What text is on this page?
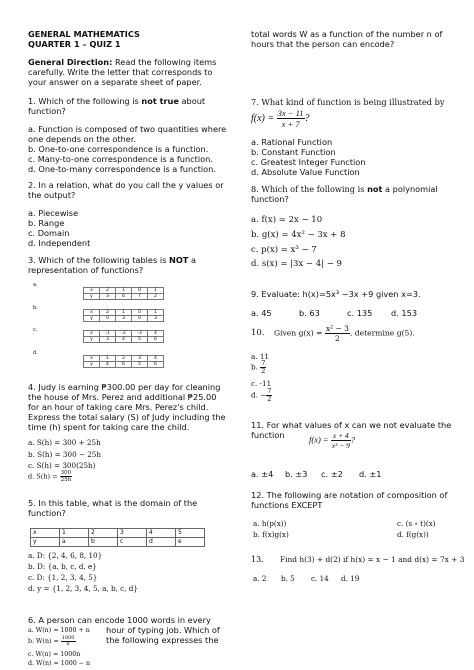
GENERAL MATHEMATICS
QUARTER 1 – QUIZ 1
General Direction: Read the following items
carefully. Write the letter that corresponds to
your answer on a separate sheet of paper.
1. Which of the following is not true about
function?
a. Function is composed of two quantities where
one depends on the other.
b. One-to-one correspondence is a function.
c. Many-to-one correspondence is a function.
d. One-to-many correspondence is a function.
2. In a relation, what do you call the y values or
the output?
a. Piecewise
b. Range
c. Domain
d. Independent
3. Which of the following tables is NOT a
representation of functions?
a.
x	2	1	0	1
y	3	6	7	2
b.
x	2	1	0	1
y	0	3	0	3
c.
x	-1	-2	-3	4
y	3	4	5	6
d.
x	1	2	3	4
y	4	6	5	6
4. Judy is earning ₱300.00 per day for cleaning
the house of Mrs. Perez and additional ₱25.00
for an hour of taking care Mrs. Perez's child.
Express the total salary (S) of Judy including the
time (h) spent for taking care the child.
a. S(h) = 300 + 25h
b. S(h) = 300 − 25h
c. S(h) = 300(25h)
d. $S(h) = \frac{300}{25h}$
5. In this table, what is the domain of the
function?
x	1	2	3	4	5
y	a	b	c	d	e
a. D: {2, 4, 6, 8, 10}
b. D: {a, b, c, d, e}
c. D: {1, 2, 3, 4, 5}
d. y = {1, 2, 3, 4, 5, a, b, c, d}
6. A person can encode 1000 words in every
a. W(n) = 1000 + n
b. $W(n) = \frac{1000}{n}$
c. W(n) = 1000n
d. W(n) = 1000 − n
hour of typing job. Which of
the following expresses the
total words W as a function of the number n of
hours that the person can encode?
7. What kind of function is being illustrated by
$f(x) = \frac{3x - 11}{x + 7}$ ?
a. Rational Function
b. Constant Function
c. Greatest Integer Function
d. Absolute Value Function
8. Which of the following is not a polynomial
function?
a. f(x) = 2x − 10
b. g(x) = 4x² − 3x + 8
c. p(x) = x³ − 7
d. s(x) = |3x − 4| − 9
9. Evaluate: h(x)=5x³ −3x +9 given x=3.
a. 45	b. 63	c. 135 d. 153
10. Given $g(x) = \frac{\text{x² − 3}}{2}$ , determine g(5).
a. 11
b. $\frac{7}{2}$
c. -11
d. − $\frac{7}{2}$
11. For what values of x can we not evaluate the
function	$f(x) = \frac{x + 4}{\text{x² − 9}}$ ?
a. ±4 b. ±3 c. ±2 d. ±1
12. The following are notation of composition of
functions EXCEPT
a. h(p(x))
b. f(x)g(x)
c. (s ∘ t)(x)
d. f(g(x))
13. Find h(3) + d(2) if h(x) = x − 1 and d(x) = 7x + 3
a. 2 b. 5 c. 14 d. 19
